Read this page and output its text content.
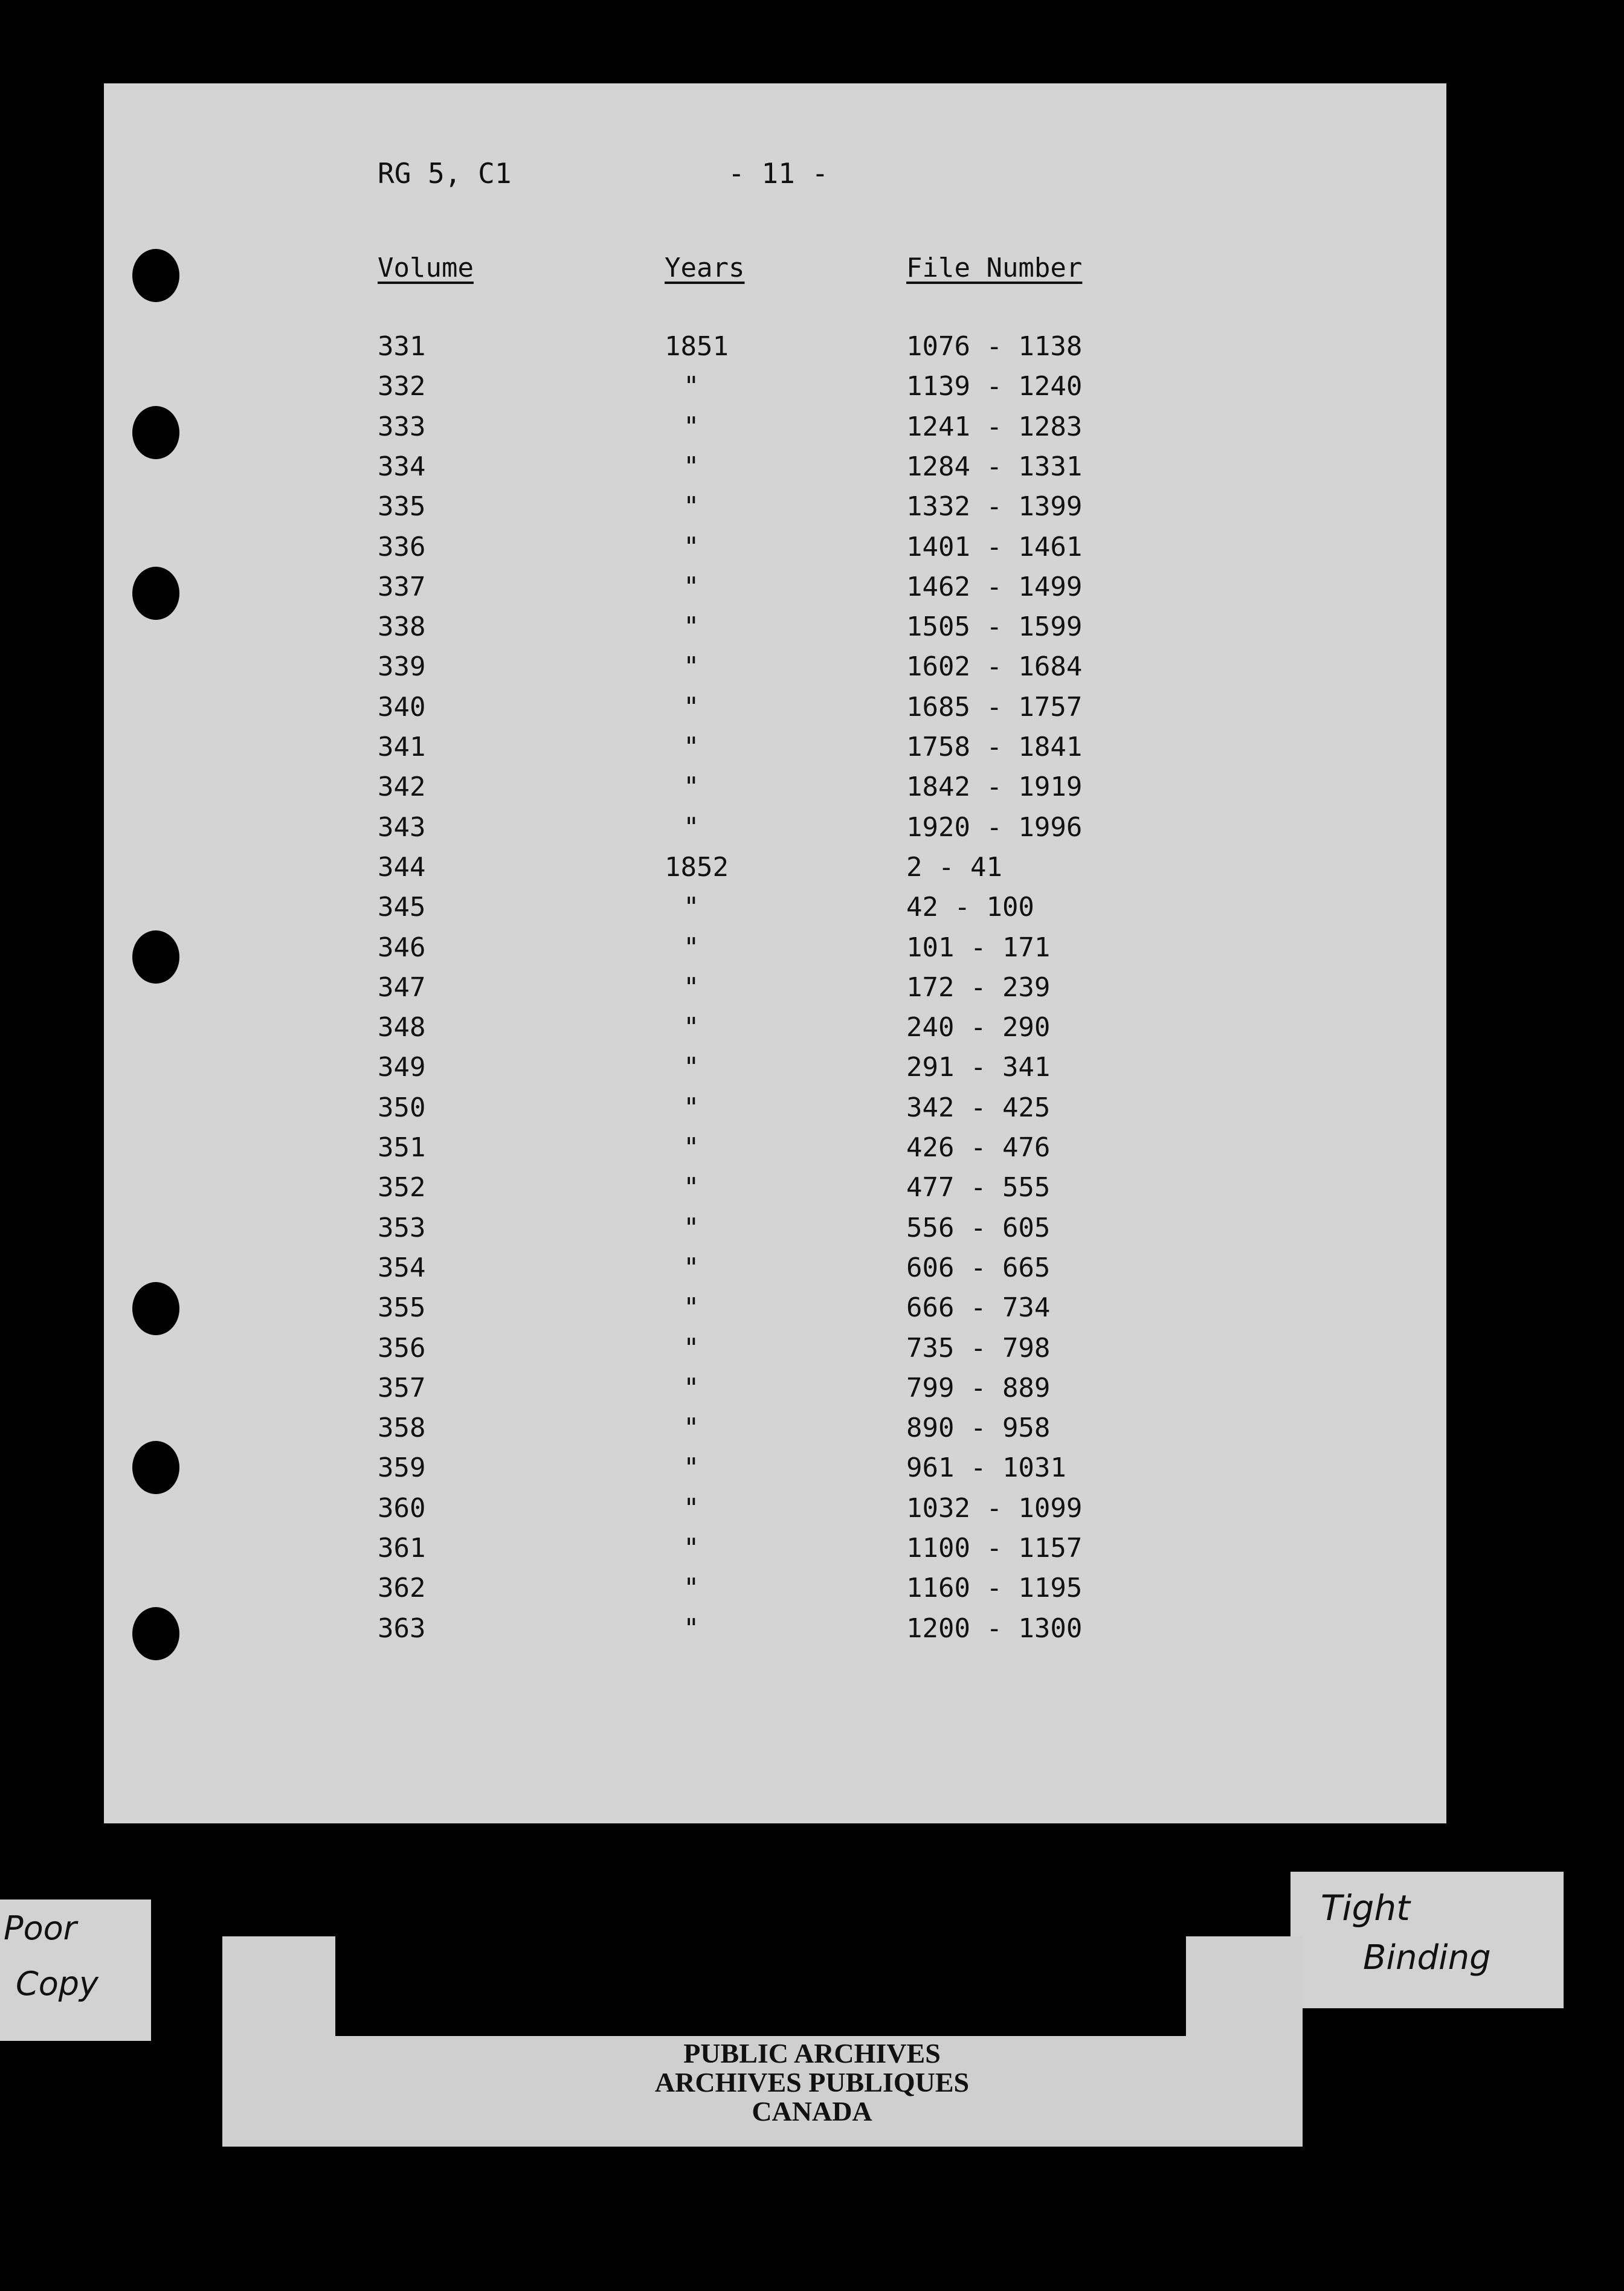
RG 5, C1	- 11 -
Volume	Years	File Number
331	1851	1076 - 1138
332	"	1139 - 1240
333	"	1241 - 1283
334	"	1284 - 1331
335	"	1332 - 1399
336	"	1401 - 1461
337	"	1462 - 1499
338	"	1505 - 1599
339	"	1602 - 1684
340	"	1685 - 1757
341	"	1758 - 1841
342	"	1842 - 1919
343	"	1920 - 1996
344	1852	2 - 41
345	"	42 - 100
346	"	101 - 171
347	"	172 - 239
348	"	240 - 290
349	"	291 - 341
350	"	342 - 425
351	"	426 - 476
352	"	477 - 555
353	"	556 - 605
354	"	606 - 665
355	"	666 - 734
356	"	735 - 798
357	"	799 - 889
358	"	890 - 958
359	"	961 - 1031
360	"	1032 - 1099
361	"	1100 - 1157
362	"	1160 - 1195
363	"	1200 - 1300
Poor
Copy
Tight
Binding
PUBLIC ARCHIVES
ARCHIVES PUBLIQUES
CANADA
